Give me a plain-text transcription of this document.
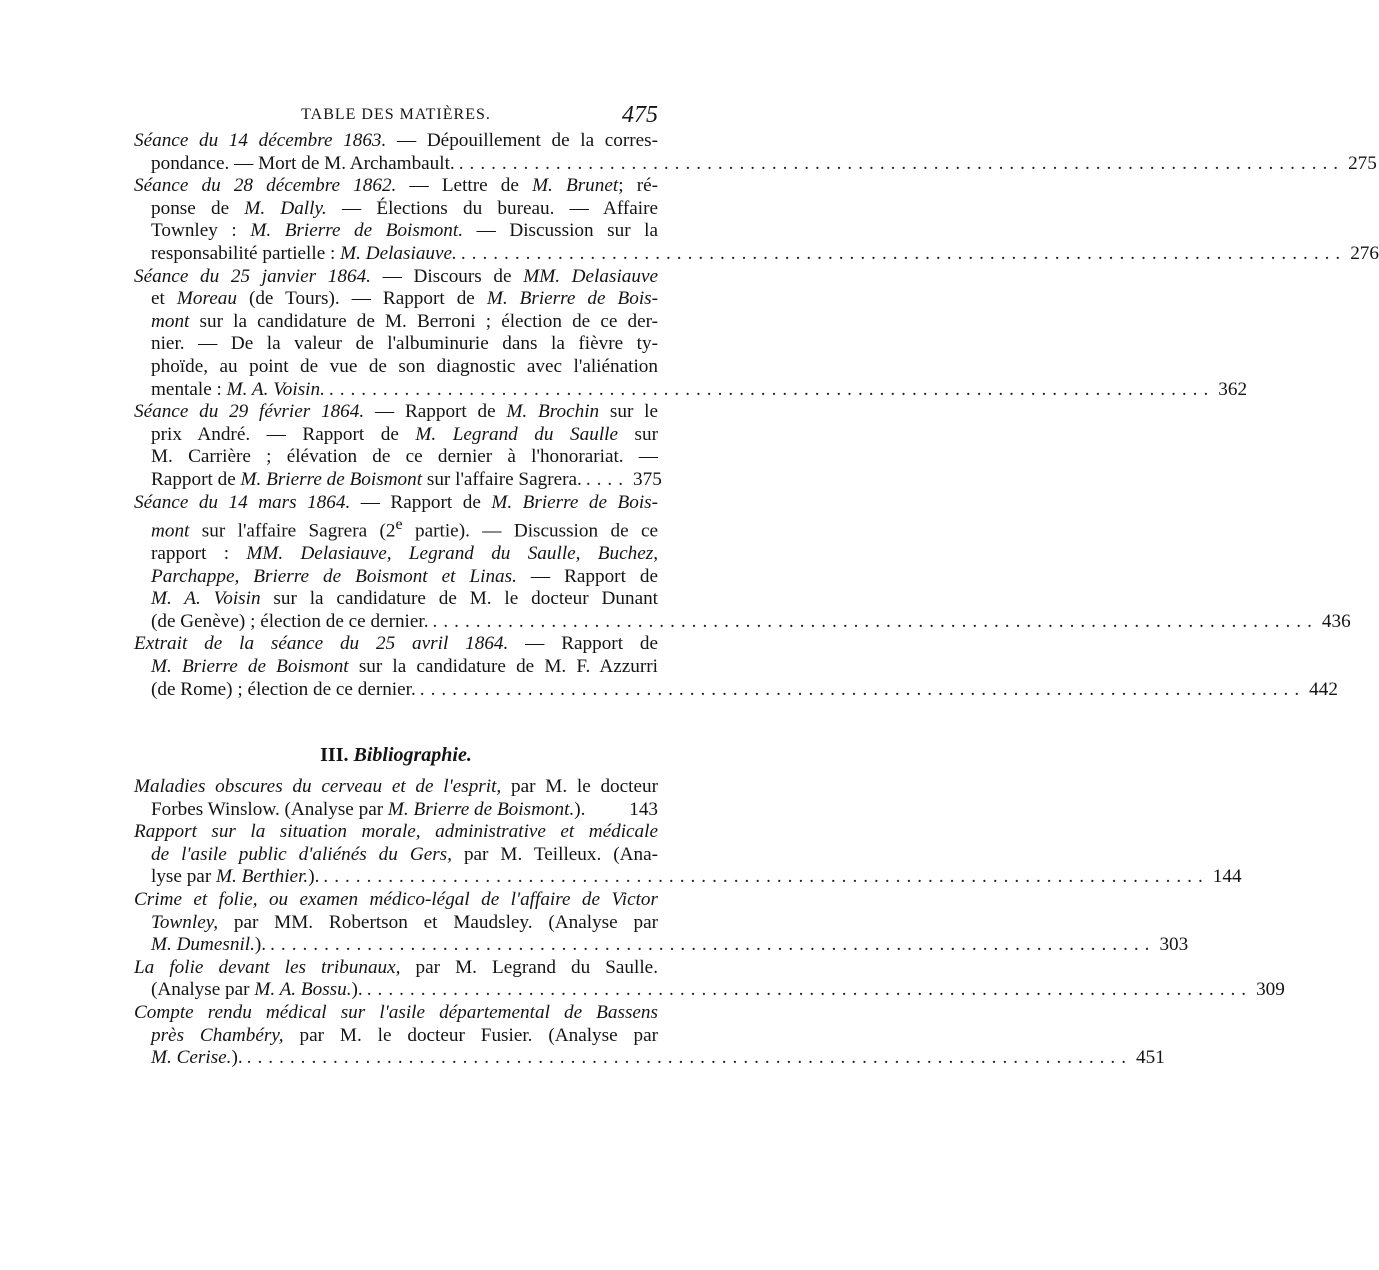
TABLE DES MATIÈRES.	475
Séance du 14 décembre 1863. — Dépouillement de la corres-
pondance. — Mort de M. Archambault. .................................................................................. 275
Séance du 28 décembre 1862. — Lettre de M. Brunet; ré-
ponse de M. Dally. — Élections du bureau. — Affaire
Townley : M. Brierre de Boismont. — Discussion sur la
responsabilité partielle : M. Delasiauve. .................................................................................. 276
Séance du 25 janvier 1864. — Discours de MM. Delasiauve
et Moreau (de Tours). — Rapport de M. Brierre de Bois-
mont sur la candidature de M. Berroni ; élection de ce der-
nier. — De la valeur de l'albuminurie dans la fièvre ty-
phoïde, au point de vue de son diagnostic avec l'aliénation
mentale : M. A. Voisin. .................................................................................. 362
Séance du 29 février 1864. — Rapport de M. Brochin sur le
prix André. — Rapport de M. Legrand du Saulle sur
M. Carrière ; élévation de ce dernier à l'honorariat. —
Rapport de M. Brierre de Boismont sur l'affaire Sagrera. .... 375
Séance du 14 mars 1864. — Rapport de M. Brierre de Bois-
mont sur l'affaire Sagrera (2e partie). — Discussion de ce
rapport : MM. Delasiauve, Legrand du Saulle, Buchez,
Parchappe, Brierre de Boismont et Linas. — Rapport de
M. A. Voisin sur la candidature de M. le docteur Dunant
(de Genève) ; élection de ce dernier. .................................................................................. 436
Extrait de la séance du 25 avril 1864. — Rapport de
M. Brierre de Boismont sur la candidature de M. F. Azzurri
(de Rome) ; élection de ce dernier. .................................................................................. 442
III. Bibliographie.
Maladies obscures du cerveau et de l'esprit, par M. le docteur
Forbes Winslow. (Analyse par M. Brierre de Boismont.). 143
Rapport sur la situation morale, administrative et médicale
de l'asile public d'aliénés du Gers, par M. Teilleux. (Ana-
lyse par M. Berthier.). .................................................................................. 144
Crime et folie, ou examen médico-légal de l'affaire de Victor
Townley, par MM. Robertson et Maudsley. (Analyse par
M. Dumesnil.). .................................................................................. 303
La folie devant les tribunaux, par M. Legrand du Saulle.
(Analyse par M. A. Bossu.). .................................................................................. 309
Compte rendu médical sur l'asile départemental de Bassens
près Chambéry, par M. le docteur Fusier. (Analyse par
M. Cerise.). .................................................................................. 451
